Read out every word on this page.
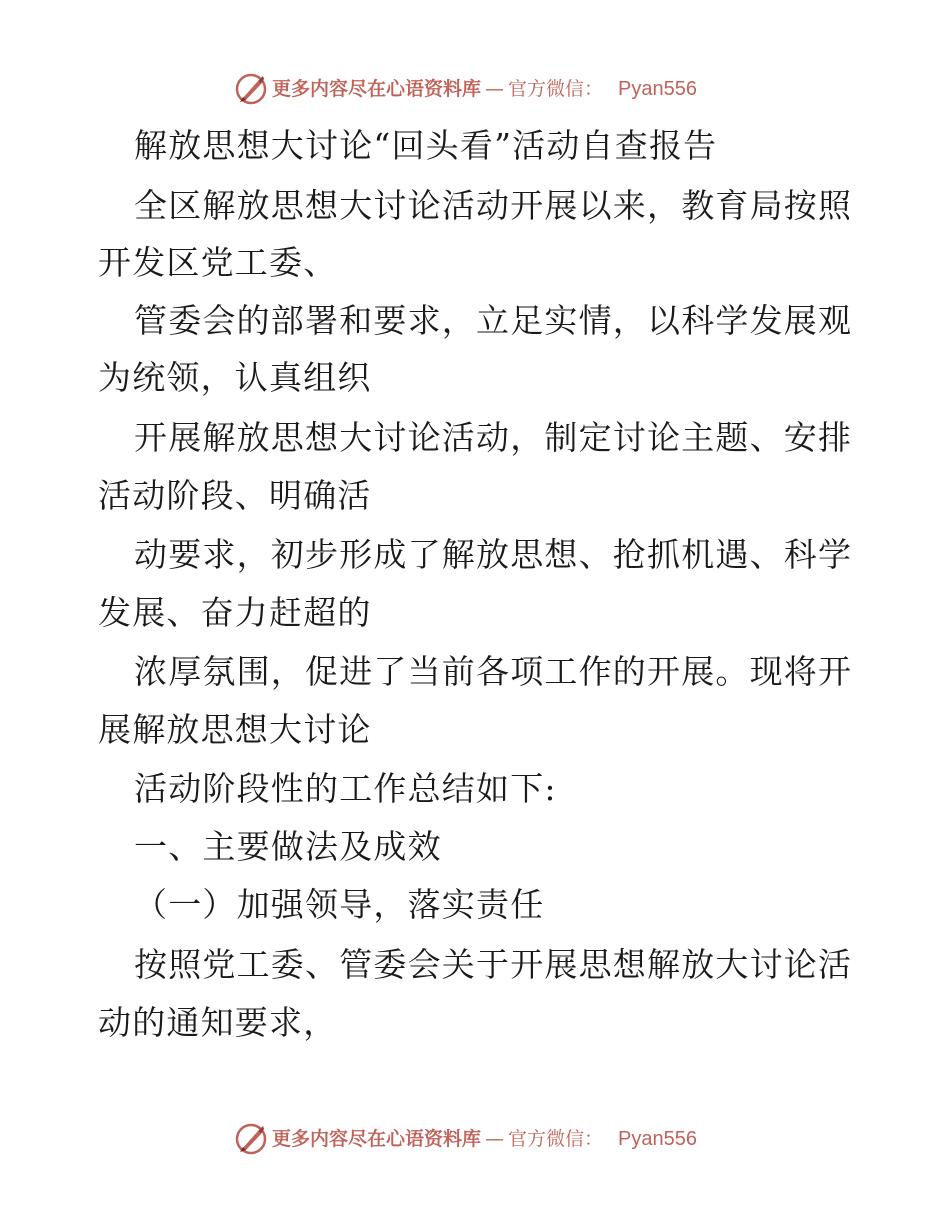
更多内容尽在心语资料库 — 官方微信： Pyan556
解放思想大讨论“回头看”活动自查报告
全区解放思想大讨论活动开展以来，教育局按照
开发区党工委、
管委会的部署和要求，立足实情，以科学发展观
为统领，认真组织
开展解放思想大讨论活动，制定讨论主题、安排
活动阶段、明确活
动要求，初步形成了解放思想、抢抓机遇、科学
发展、奋力赶超的
浓厚氛围，促进了当前各项工作的开展。现将开
展解放思想大讨论
活动阶段性的工作总结如下:
一、主要做法及成效
（一）加强领导，落实责任
按照党工委、管委会关于开展思想解放大讨论活
动的通知要求，
更多内容尽在心语资料库 — 官方微信： Pyan556
